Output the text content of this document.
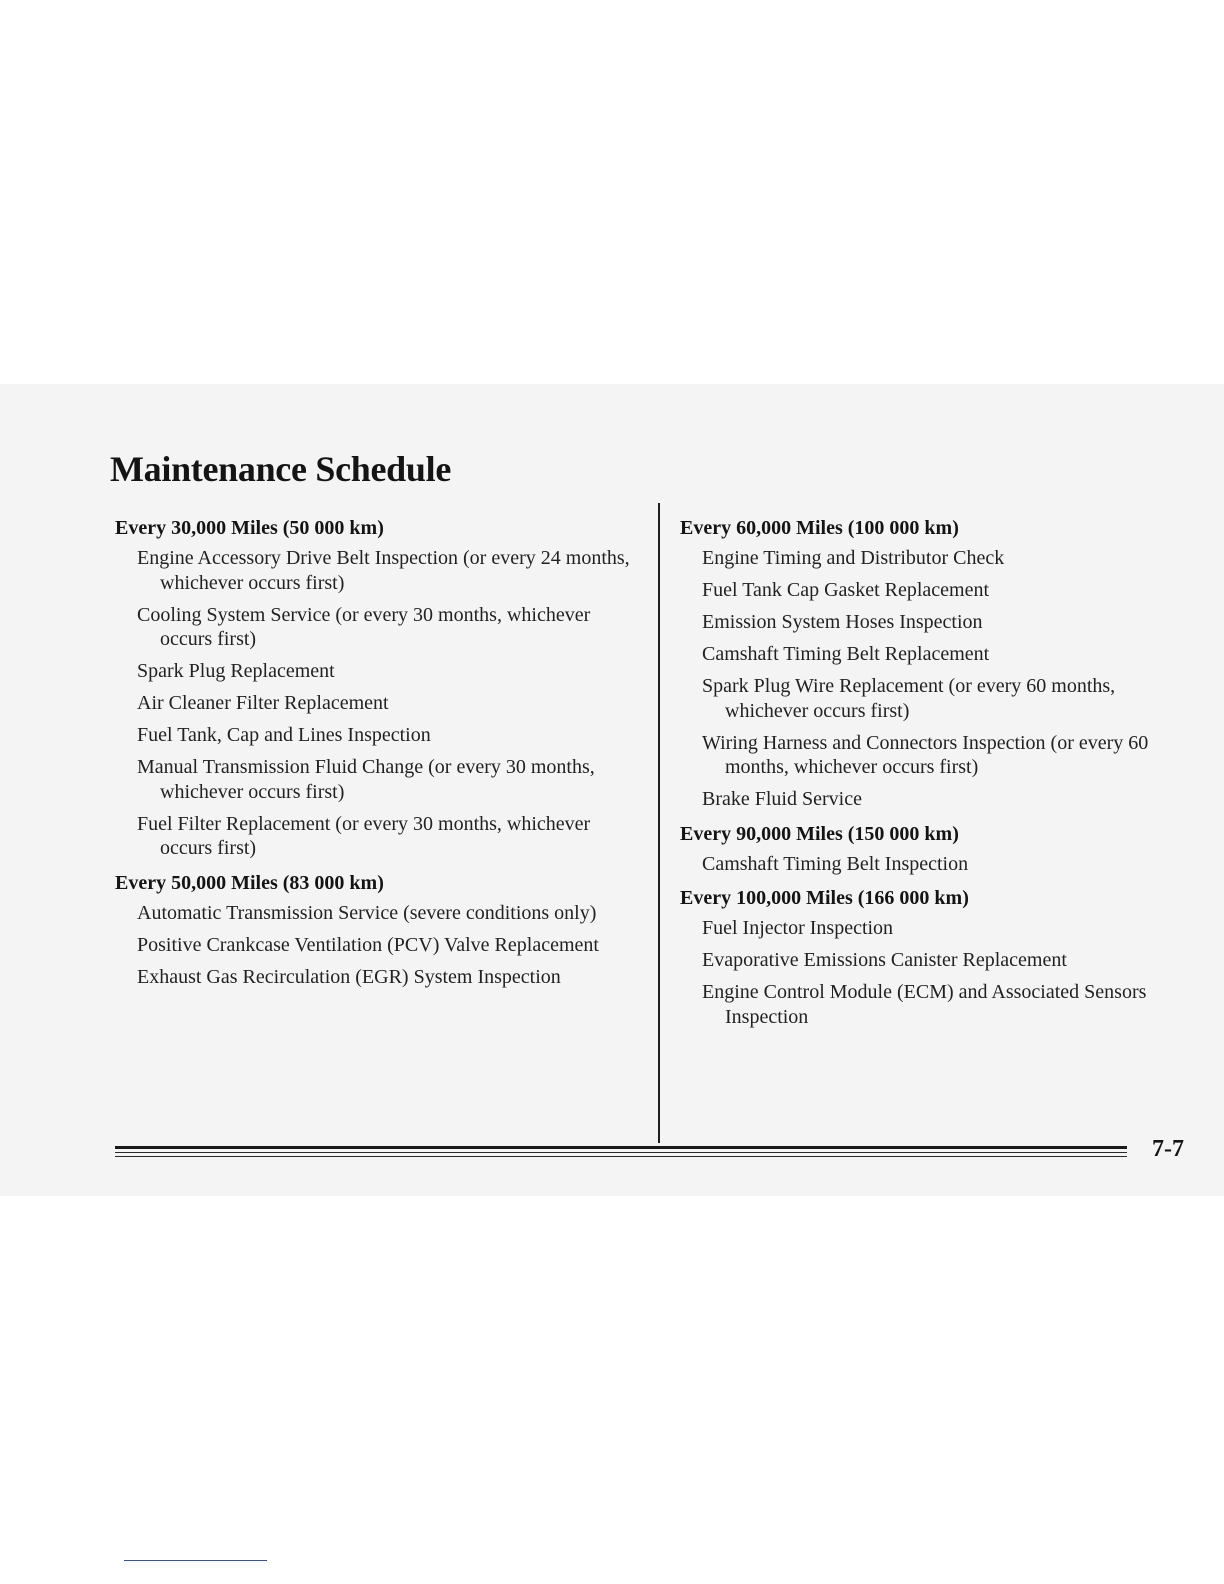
Maintenance Schedule
Every 30,000 Miles (50 000 km)
Engine Accessory Drive Belt Inspection (or every 24 months, whichever occurs first)
Cooling System Service (or every 30 months, whichever occurs first)
Spark Plug Replacement
Air Cleaner Filter Replacement
Fuel Tank, Cap and Lines Inspection
Manual Transmission Fluid Change (or every 30 months, whichever occurs first)
Fuel Filter Replacement (or every 30 months, whichever occurs first)
Every 50,000 Miles (83 000 km)
Automatic Transmission Service (severe conditions only)
Positive Crankcase Ventilation (PCV) Valve Replacement
Exhaust Gas Recirculation (EGR) System Inspection
Every 60,000 Miles (100 000 km)
Engine Timing and Distributor Check
Fuel Tank Cap Gasket Replacement
Emission System Hoses Inspection
Camshaft Timing Belt Replacement
Spark Plug Wire Replacement (or every 60 months, whichever occurs first)
Wiring Harness and Connectors Inspection (or every 60 months, whichever occurs first)
Brake Fluid Service
Every 90,000 Miles (150 000 km)
Camshaft Timing Belt Inspection
Every 100,000 Miles (166 000 km)
Fuel Injector Inspection
Evaporative Emissions Canister Replacement
Engine Control Module (ECM) and Associated Sensors Inspection
7-7
